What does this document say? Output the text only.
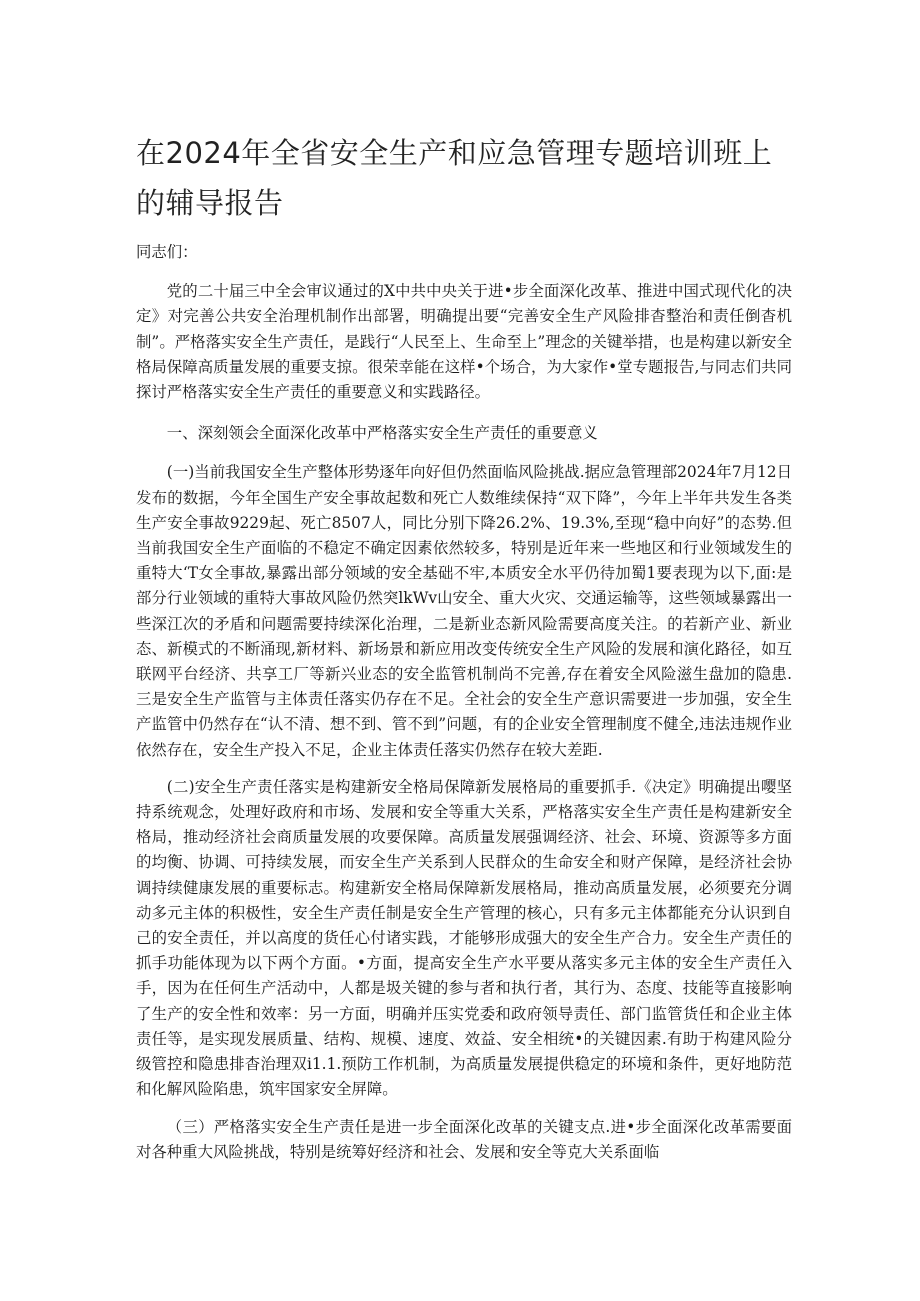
在2024年全省安全生产和应急管理专题培训班上的辅导报告

同志们：

党的二十届三中全会审议通过的X中共中央关于进•步全面深化改革、推进中国式现代化的决定》对完善公共安全治理机制作出部署，明确提出要“完善安全生产风险排杳整治和责任倒杳机制”。严格落实安全生产责任，是践行“人民至上、生命至上”理念的关键举措，也是构建以新安全格局保障高质量发展的重要支掠。很荣幸能在这样•个场合，为大家作•堂专题报告,与同志们共同探讨严格落实安全生产责任的重要意义和实践路径。

一、深刻领会全面深化改革中严格落实安全生产责任的重要意义

(一)当前我国安全生产整体形势逐年向好但仍然面临风险挑战.据应急管理部2024年7月12日发布的数据，今年全国生产安全事故起数和死亡人数维续保持“双下降”，今年上半年共发生各类生产安全事故9229起、死亡8507人，同比分别下降26.2%、19.3%,至现“稳中向好”的态势.但当前我国安全生产面临的不稳定不确定因素依然较多，特别是近年来一些地区和行业领域发生的重特大‘T女全事故,暴露出部分领域的安全基础不牢,本质安全水平仍待加蜀1要表现为以下,面:是部分行业领域的重特大事故风险仍然突lkWv山安全、重大火灾、交通运输等，这些领域暴露出一些深江次的矛盾和问题需要持续深化治理，二是新业态新风险需要高度关注。的若新产业、新业态、新模式的不断涌现,新材料、新场景和新应用改变传统安全生产风险的发展和演化路径，如互联网平台经济、共享工厂等新兴业态的安全监管机制尚不完善,存在着安全风险滋生盘加的隐患.三是安全生产监管与主体责任落实仍存在不足。全社会的安全生产意识需要进一步加强，安全生产监管中仍然存在“认不清、想不到、管不到”问题，有的企业安全管理制度不健全,违法违规作业依然存在，安全生产投入不足，企业主体责任落实仍然存在较大差距.

(二)安全生产责任落实是构建新安全格局保障新发展格局的重要抓手.《决定》明确提出嘤坚持系统观念，处理好政府和市场、发展和安全等重大关系，严格落实安全生产责任是构建新安全格局，推动经济社会商质量发展的攻要保障。高质量发展强调经济、社会、环境、资源等多方面的均衡、协调、可持续发展，而安全生产关系到人民群众的生命安全和财产保障，是经济社会协调持续健康发展的重要标志。构建新安全格局保障新发展格局，推动高质量发展，必须要充分调动多元主体的积极性，安全生产责任制是安全生产管理的核心，只有多元主体都能充分认识到自己的安全责任，并以高度的货任心付诸实践，才能够形成强大的安全生产合力。安全生产责任的抓手功能体现为以下两个方面。•方面，提高安全生产水平要从落实多元主体的安全生产责任入手，因为在任何生产活动中，人都是圾关键的参与者和执行者，其行为、态度、技能等直接影响了生产的安全性和效率：另一方面，明确并压实党委和政府领导责任、部门监管货任和企业主体责任等，是实现发展质量、结构、规模、速度、效益、安全相统•的关键因素.有助于构建风险分级管控和隐患排杳治理双i1.1.预防工作机制，为高质量发展提供稳定的环境和条件，更好地防范和化解风险陷患，筑牢国家安全屏障。

（三）严格落实安全生产责任是进一步全面深化改革的关键支点.进•步全面深化改革需要面对各种重大风险挑战，特别是统筹好经济和社会、发展和安全等克大关系面临
